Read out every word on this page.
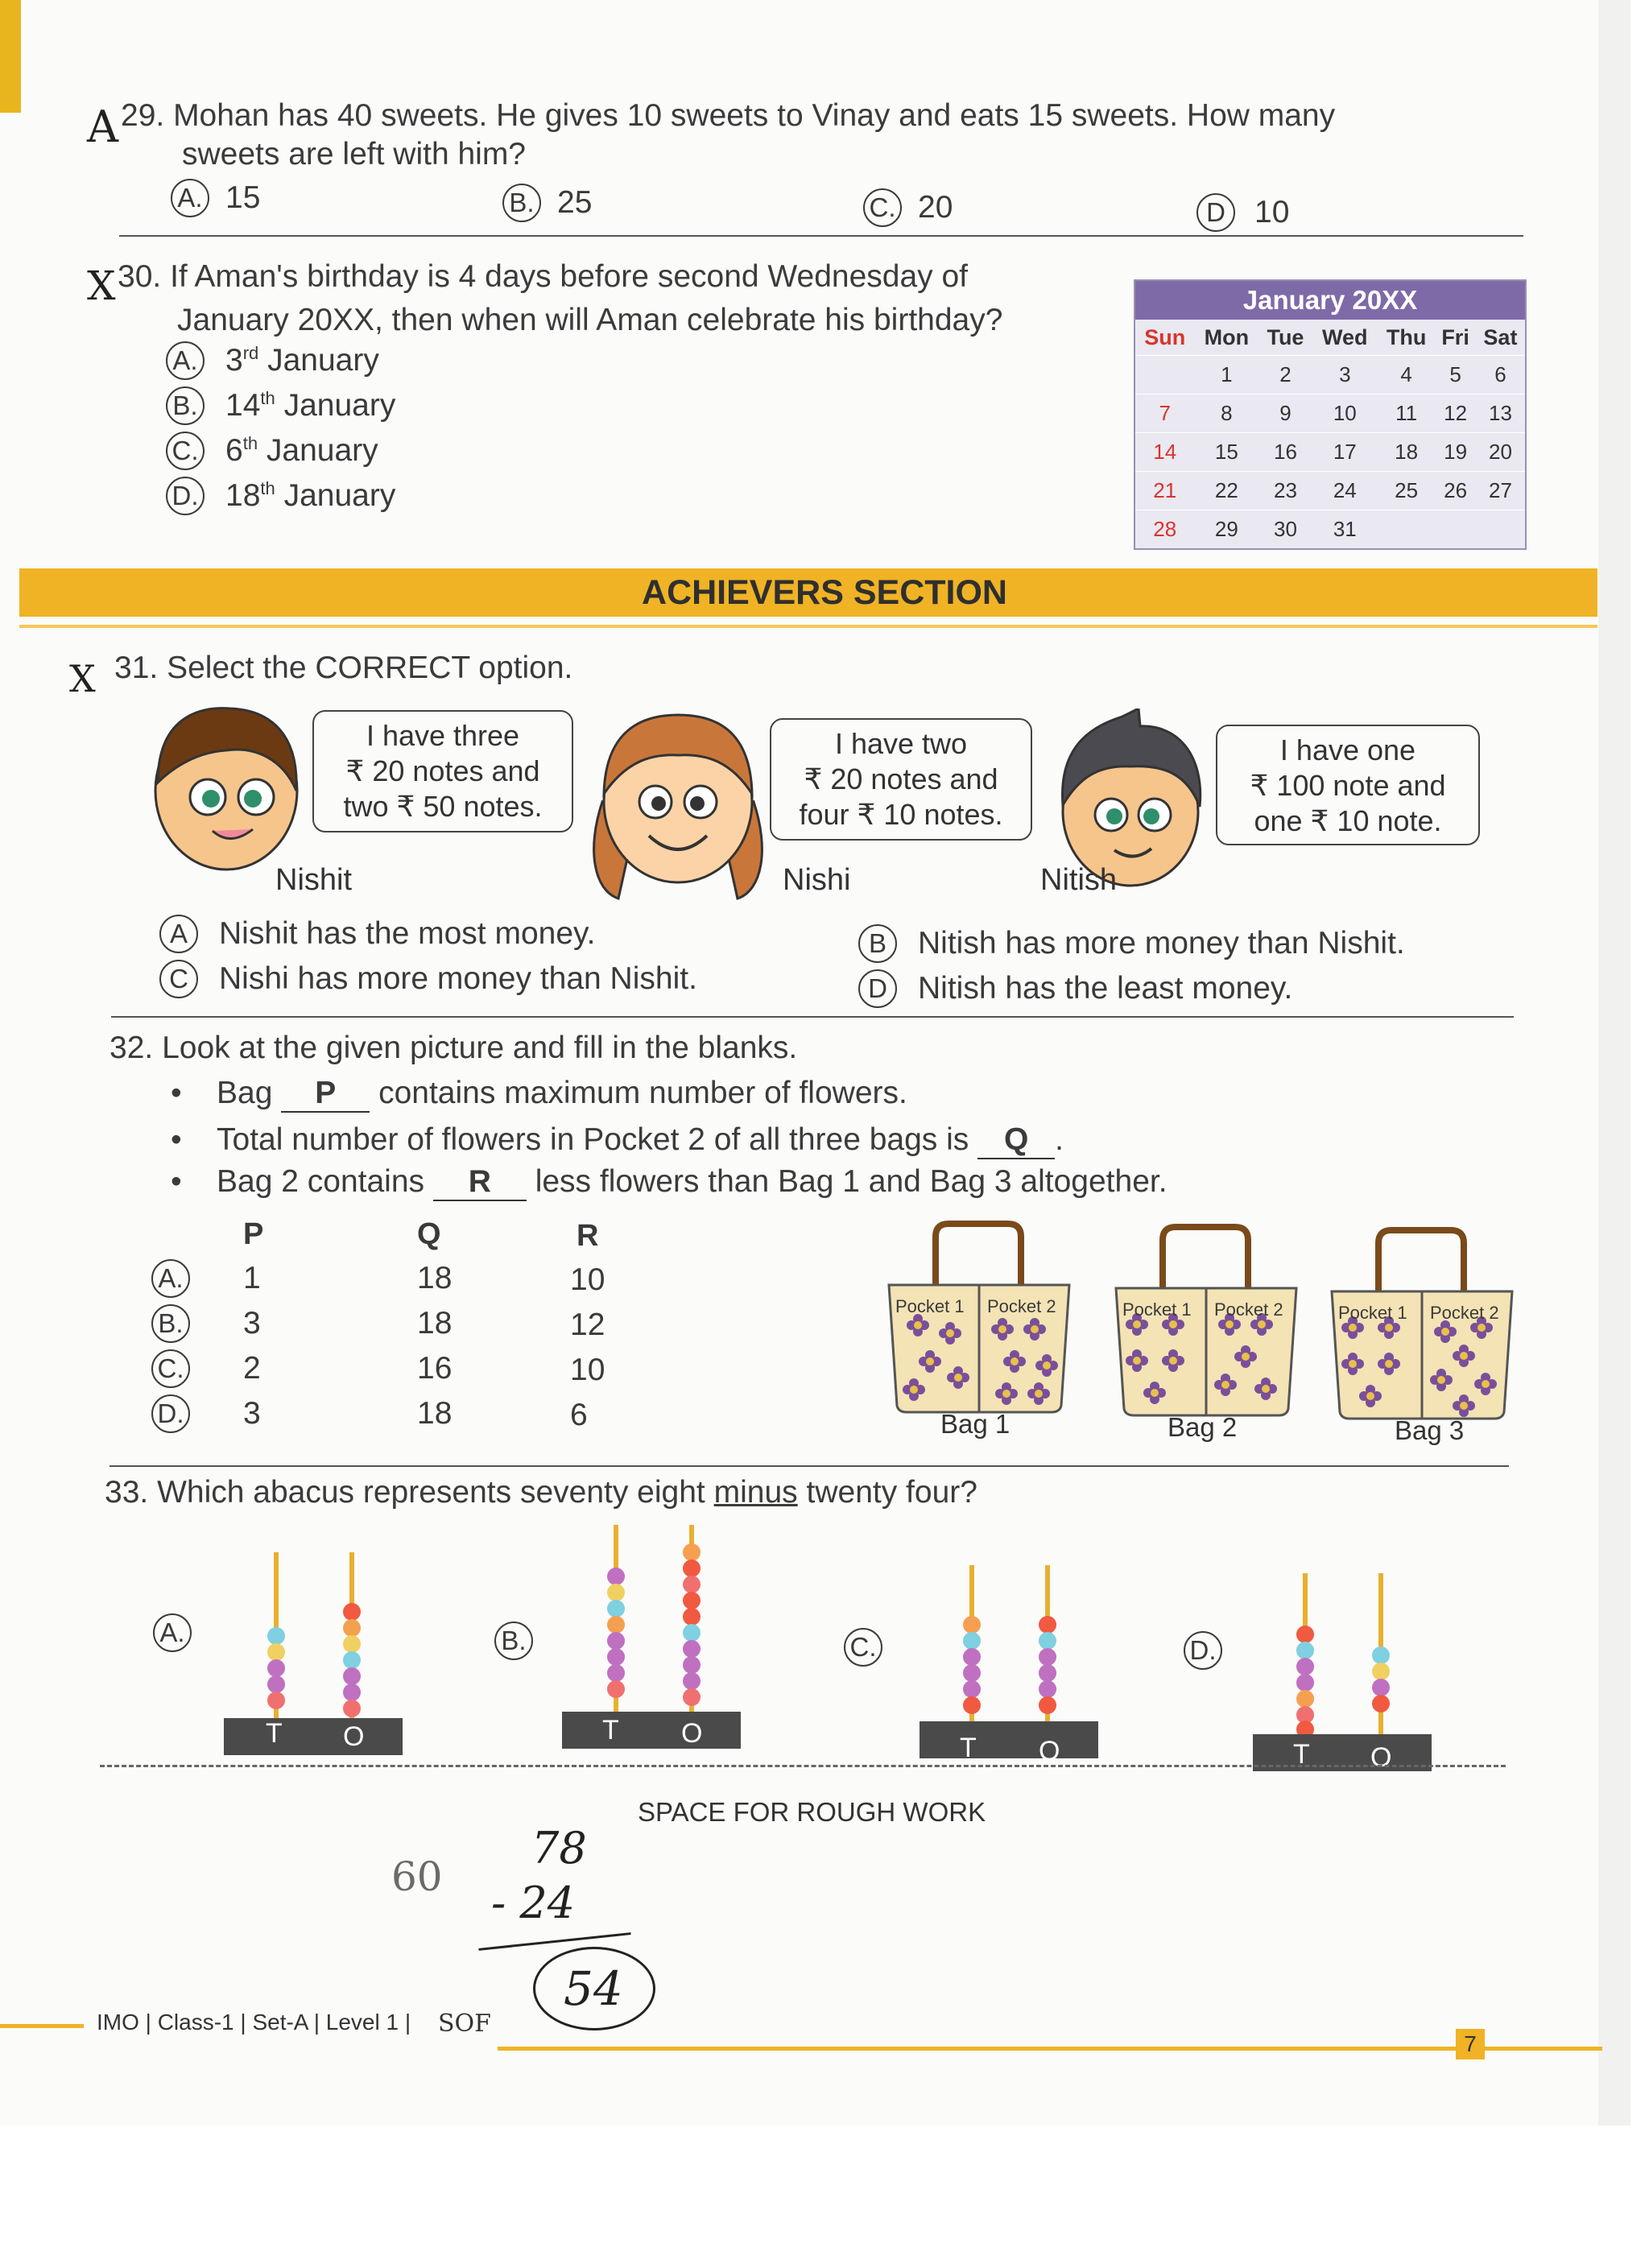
A 29. Mohan has 40 sweets. He gives 10 sweets to Vinay and eats 15 sweets. How many
sweets are left with him?
A. 15	B. 25	C. 20	D 10
X 30. If Aman's birthday is 4 days before second Wednesday of
January 20XX, then when will Aman celebrate his birthday?
A. 3rd January
B. 14th January
C. 6th January
D. 18th January
January 20XX
Sun	Mon	Tue	Wed	Thu	Fri	Sat
	1	2	3	4	5	6
7	8	9	10	11	12	13
14	15	16	17	18	19	20
21	22	23	24	25	26	27
28	29	30	31			
ACHIEVERS SECTION
X 31. Select the CORRECT option.
I have three
₹ 20 notes and
two ₹ 50 notes.
Nishit
I have two
₹ 20 notes and
four ₹ 10 notes.
Nishi
I have one
₹ 100 note and
one ₹ 10 note.
Nitish
A	Nishit has the most money.	B	Nitish has more money than Nishit.
C Nishi has more money than Nishit.	D Nitish has the least money.
32. Look at the given picture and fill in the blanks.
•    Bag P contains maximum number of flowers.
•    Total number of flowers in Pocket 2 of all three bags is Q .
•    Bag 2 contains R less flowers than Bag 1 and Bag 3 altogether.
P	Q	R
A. 1	18	10
B. 3	18	12
C. 2	16	10
D. 3	18	6
Pocket 1 Pocket 2	Pocket 1 Pocket 2	Pocket 1 Pocket 2
Bag 1	Bag 2	Bag 3
33. Which abacus represents seventy eight minus twenty four?
A.
T O
B.
T O
C.
T O
D.
T O
SPACE FOR ROUGH WORK
60
78
- 24
54
IMO | Class-1 | Set-A | Level 1 | SOF
7
